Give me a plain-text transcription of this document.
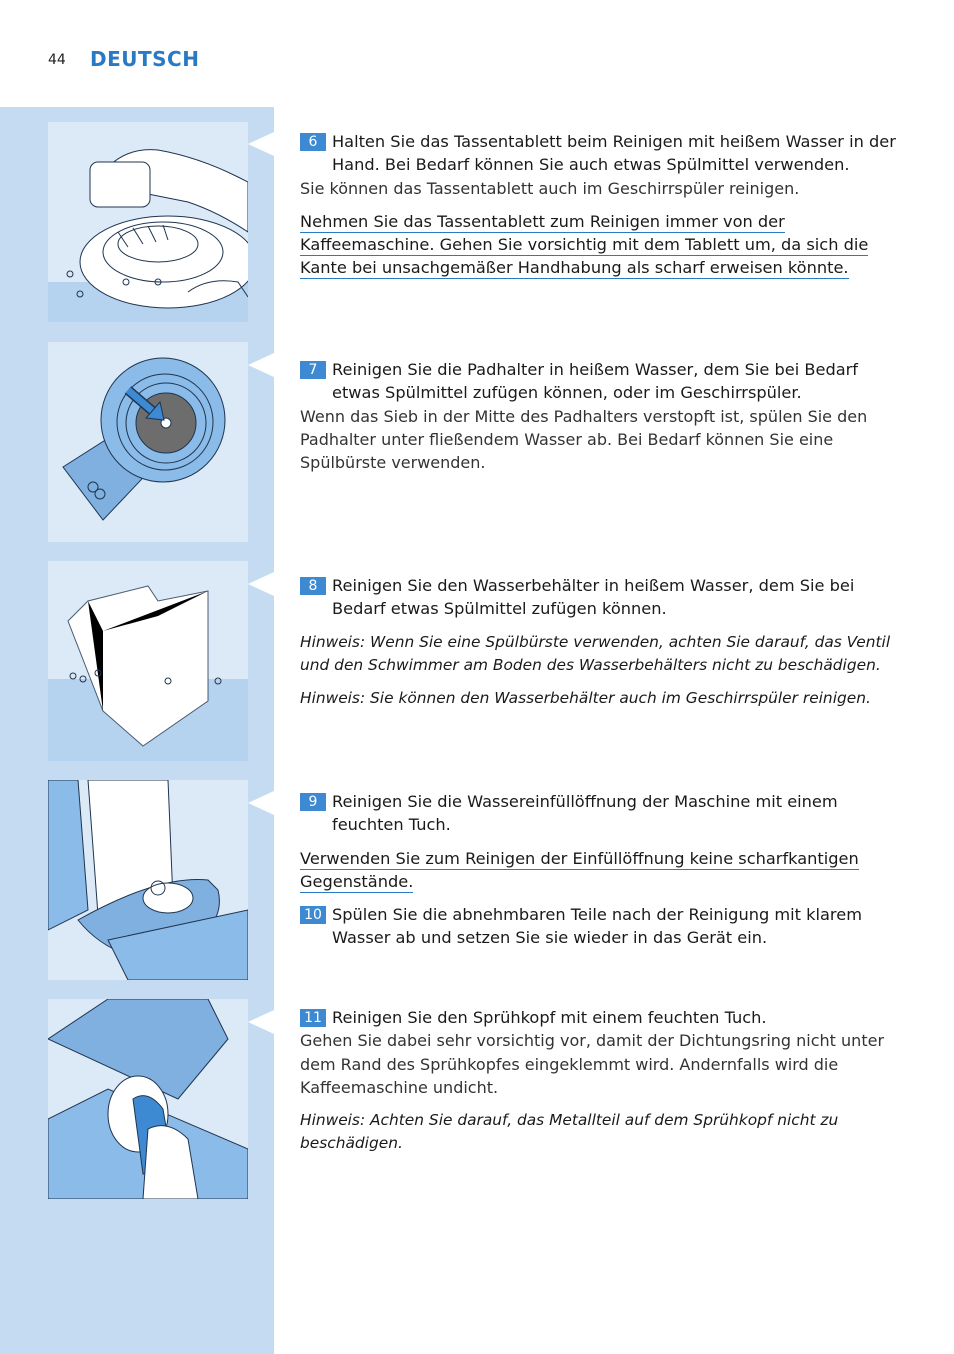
44 DEUTSCH
6 Halten Sie das Tassentablett beim Reinigen mit heißem Wasser in der Hand. Bei Bedarf können Sie auch etwas Spülmittel verwenden.
Sie können das Tassentablett auch im Geschirrspüler reinigen.
Nehmen Sie das Tassentablett zum Reinigen immer von der Kaffeemaschine. Gehen Sie vorsichtig mit dem Tablett um, da sich die Kante bei unsachgemäßer Handhabung als scharf erweisen könnte.
7 Reinigen Sie die Padhalter in heißem Wasser, dem Sie bei Bedarf etwas Spülmittel zufügen können, oder im Geschirrspüler.
Wenn das Sieb in der Mitte des Padhalters verstopft ist, spülen Sie den Padhalter unter fließendem Wasser ab. Bei Bedarf können Sie eine Spülbürste verwenden.
8 Reinigen Sie den Wasserbehälter in heißem Wasser, dem Sie bei Bedarf etwas Spülmittel zufügen können.
Hinweis: Wenn Sie eine Spülbürste verwenden, achten Sie darauf, das Ventil und den Schwimmer am Boden des Wasserbehälters nicht zu beschädigen.
Hinweis: Sie können den Wasserbehälter auch im Geschirrspüler reinigen.
9 Reinigen Sie die Wassereinfüllöffnung der Maschine mit einem feuchten Tuch.
Verwenden Sie zum Reinigen der Einfüllöffnung keine scharfkantigen Gegenstände.
10 Spülen Sie die abnehmbaren Teile nach der Reinigung mit klarem Wasser ab und setzen Sie sie wieder in das Gerät ein.
11 Reinigen Sie den Sprühkopf mit einem feuchten Tuch.
Gehen Sie dabei sehr vorsichtig vor, damit der Dichtungsring nicht unter dem Rand des Sprühkopfes eingeklemmt wird. Andernfalls wird die Kaffeemaschine undicht.
Hinweis: Achten Sie darauf, das Metallteil auf dem Sprühkopf nicht zu beschädigen.
